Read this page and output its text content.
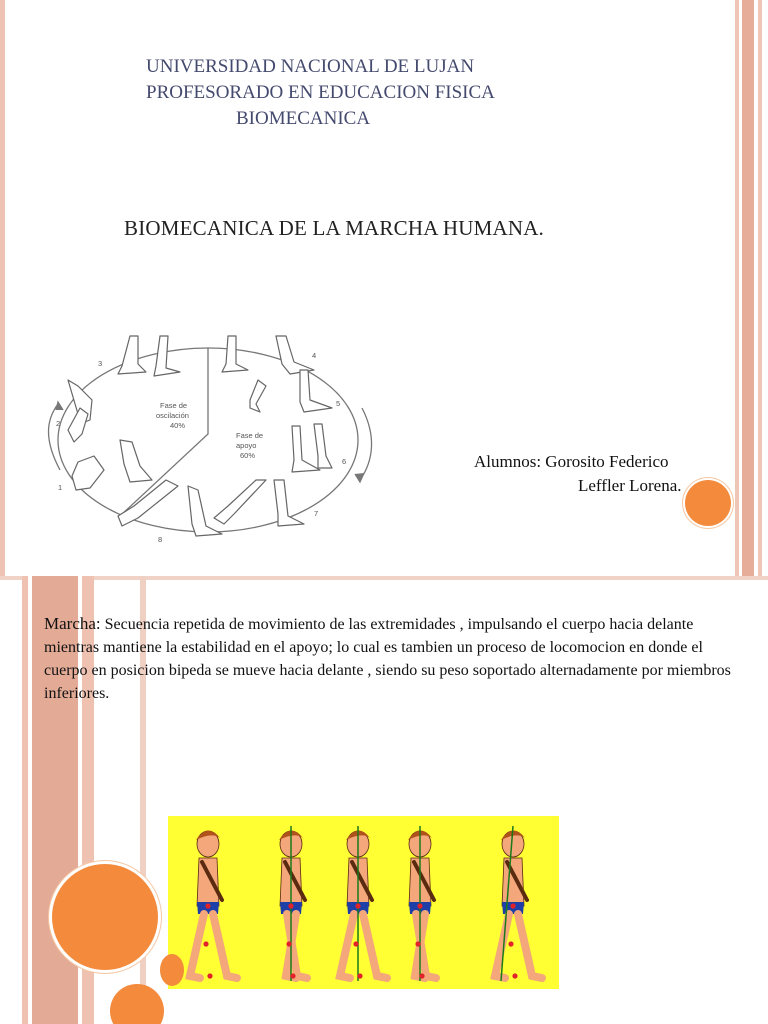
UNIVERSIDAD NACIONAL DE LUJAN
PROFESORADO EN EDUCACION FISICA
BIOMECANICA
BIOMECANICA DE LA MARCHA HUMANA.
Fase de
oscilación
40%
Fase de
apoyo
60%
1
2
3
4
5
6
7
8
Alumnos: Gorosito Federico
Leffler Lorena.
Marcha: Secuencia repetida de movimiento de las extremidades , impulsando el cuerpo hacia delante mientras mantiene la estabilidad en el apoyo; lo cual es tambien un proceso de locomocion en donde el cuerpo en posicion bipeda se mueve hacia delante , siendo su peso soportado alternadamente por miembros inferiores.
